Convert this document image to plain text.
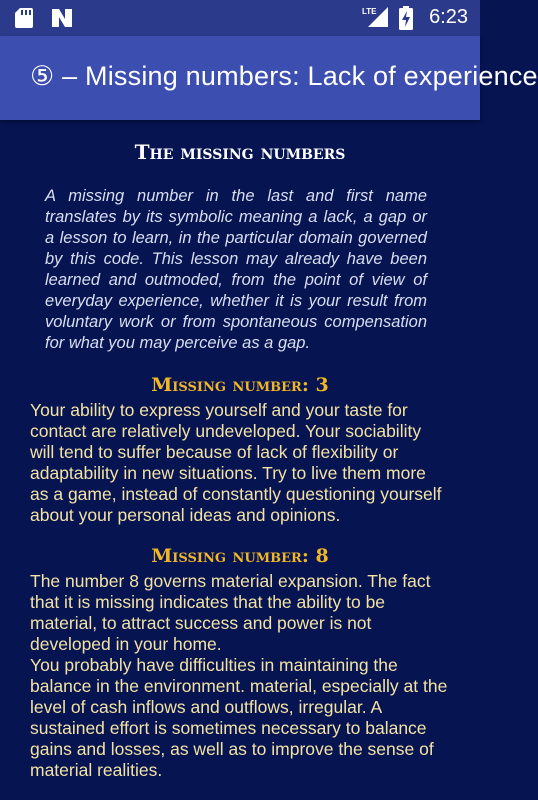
LTE	6:23
⑤ – Missing numbers: Lack of experience
The missing numbers
A missing number in the last and first name translates by its symbolic meaning a lack, a gap or a lesson to learn, in the particular domain governed by this code. This lesson may already have been learned and outmoded, from the point of view of everyday experience, whether it is your result from voluntary work or from spontaneous compensation for what you may perceive as a gap.
Missing number: 3

Your ability to express yourself and your taste for contact are relatively undeveloped. Your sociability will tend to suffer because of lack of flexibility or adaptability in new situations. Try to live them more as a game, instead of constantly questioning yourself about your personal ideas and opinions.

Missing number: 8

The number 8 governs material expansion. The fact that it is missing indicates that the ability to be material, to attract success and power is not developed in your home.

You probably have difficulties in maintaining the balance in the environment. material, especially at the level of cash inflows and outflows, irregular. A sustained effort is sometimes necessary to balance gains and losses, as well as to improve the sense of material realities.
